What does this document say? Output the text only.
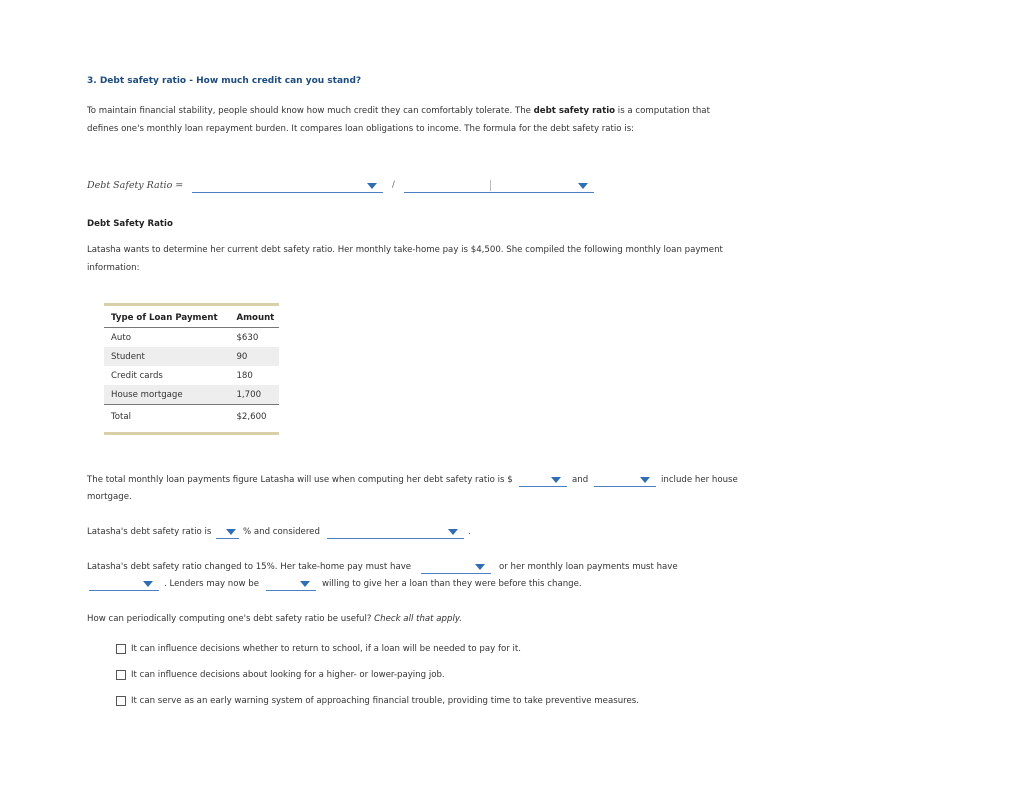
3. Debt safety ratio - How much credit can you stand?
To maintain financial stability, people should know how much credit they can comfortably tolerate. The debt safety ratio is a computation that
defines one's monthly loan repayment burden. It compares loan obligations to income. The formula for the debt safety ratio is:
Debt Safety Ratio =	/
Debt Safety Ratio
Latasha wants to determine her current debt safety ratio. Her monthly take-home pay is $4,500. She compiled the following monthly loan payment
information:
Type of Loan Payment	Amount
Auto	$630
Student	90
Credit cards	180
House mortgage	1,700
Total	$2,600
The total monthly loan payments figure Latasha will use when computing her debt safety ratio is $	and	include her house
mortgage.
Latasha's debt safety ratio is	% and considered	.
Latasha's debt safety ratio changed to 15%. Her take-home pay must have	or her monthly loan payments must have
. Lenders may now be	willing to give her a loan than they were before this change.
How can periodically computing one's debt safety ratio be useful? Check all that apply.
It can influence decisions whether to return to school, if a loan will be needed to pay for it.
It can influence decisions about looking for a higher- or lower-paying job.
It can serve as an early warning system of approaching financial trouble, providing time to take preventive measures.
